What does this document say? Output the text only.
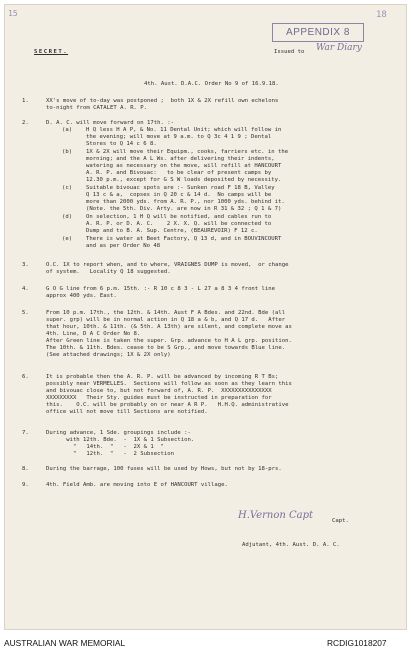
15	18
APPENDIX 8
SECRET.	Issued to War Diary
4th. Aust. D.A.C. Order No 9 of 16.9.18.
1.	XX's move of to-day was postponed ;  both 1X & 2X refill own echelons
to-night from CATALET A. R. P.
2.	D. A. C. will move forward on 17th. :-
(a) H Q less H A P, & No. 11 Dental Unit; which will follow in
the evening; will move at 9 a.m. to Q 3c 4 1 9 ; Dental
Stores to Q 14 c 6 8.
(b) 1X & 2X will move their Equipm., cooks, farriers etc. in the
morning; and the A L Ws. after delivering their indents,
watering as necessary on the move, will refill at HANCOURT
A. R. P. and Bivouac:   to be clear of present camps by
12.30 p.m., except for G S W loads deposited by necessity.
(c) Suitable bivouac spots are :- Sunken road F 18 B, Valley
Q 13 c & a,  copses in Q 20 c & 14 d.  No camps will be
more than 2000 yds. from A. R. P., nor 1000 yds. behind it.
(Note. the 5th. Div. Arty. are now in R 31 & 32 ; Q 1 & 7)
(d) On selection, 1 H Q will be notified, and cables run to
A. R. P. or D. A. C.    2 X. X. Q. will be connected to
Dump and to B. A. Sup. Centre, (BEAUREVOIR) F 12 c.
(e) There is water at Beet Factory, Q 13 d, and in BOUVINCOURT
and as per Order No 48
3.	O.C. 1X to report when, and to where, VRAIGNES DUMP is moved,  or change
of system.   Locality Q 18 suggested.
4.	G O G line from 6 p.m. 15th. :- R 10 c 8 3 - L 27 a 8 3 4 front line
approx 400 yds. East.
5.	From 10 p.m. 17th., the 12th. & 14th. Aust F A Bdes. and 22nd. Bde (all
super. grp) will be in normal action in Q 18 a & b, and Q 17 d.   After
that hour, 10th. & 11th. (& 5th. A 13th) are silent, and complete move as
4th. Line, D A C Order No 8.
After Green line is taken the super. Grp. advance to H A L grp. position.
The 10th. & 11th. Bdes. cease to be S Grp., and move towards Blue line.
(See attached drawings; 1X & 2X only)
6.	It is probable then the A. R. P. will be advanced by incoming R T Bs;
possibly near VERMELLES.  Sections will follow as soon as they learn this
and bivouac close to, but not forward of, A. R. P.  XXXXXXXXXXXXXXX
XXXXXXXXX   Their Sty. guides must be instructed in preparation for
this.    O.C. will be probably on or near A R P.   H.H.Q. administrative
office will not move till Sections are notified.
7.	During advance, 1 Sde. groupings include :-
with 12th. Bde.  -  1X & 1 Subsection.
"   14th.  "   -  2X & 1  "
"   12th.  "   -  2 Subsection
8.	During the barrage, 100 fuses will be used by Hows, but not by 18-prs.
9.	4th. Field Amb. are moving into E of HANCOURT village.
H.Vernon Capt	Capt.
Adjutant, 4th. Aust. D. A. C.
AUSTRALIAN WAR MEMORIAL	RCDIG1018207
